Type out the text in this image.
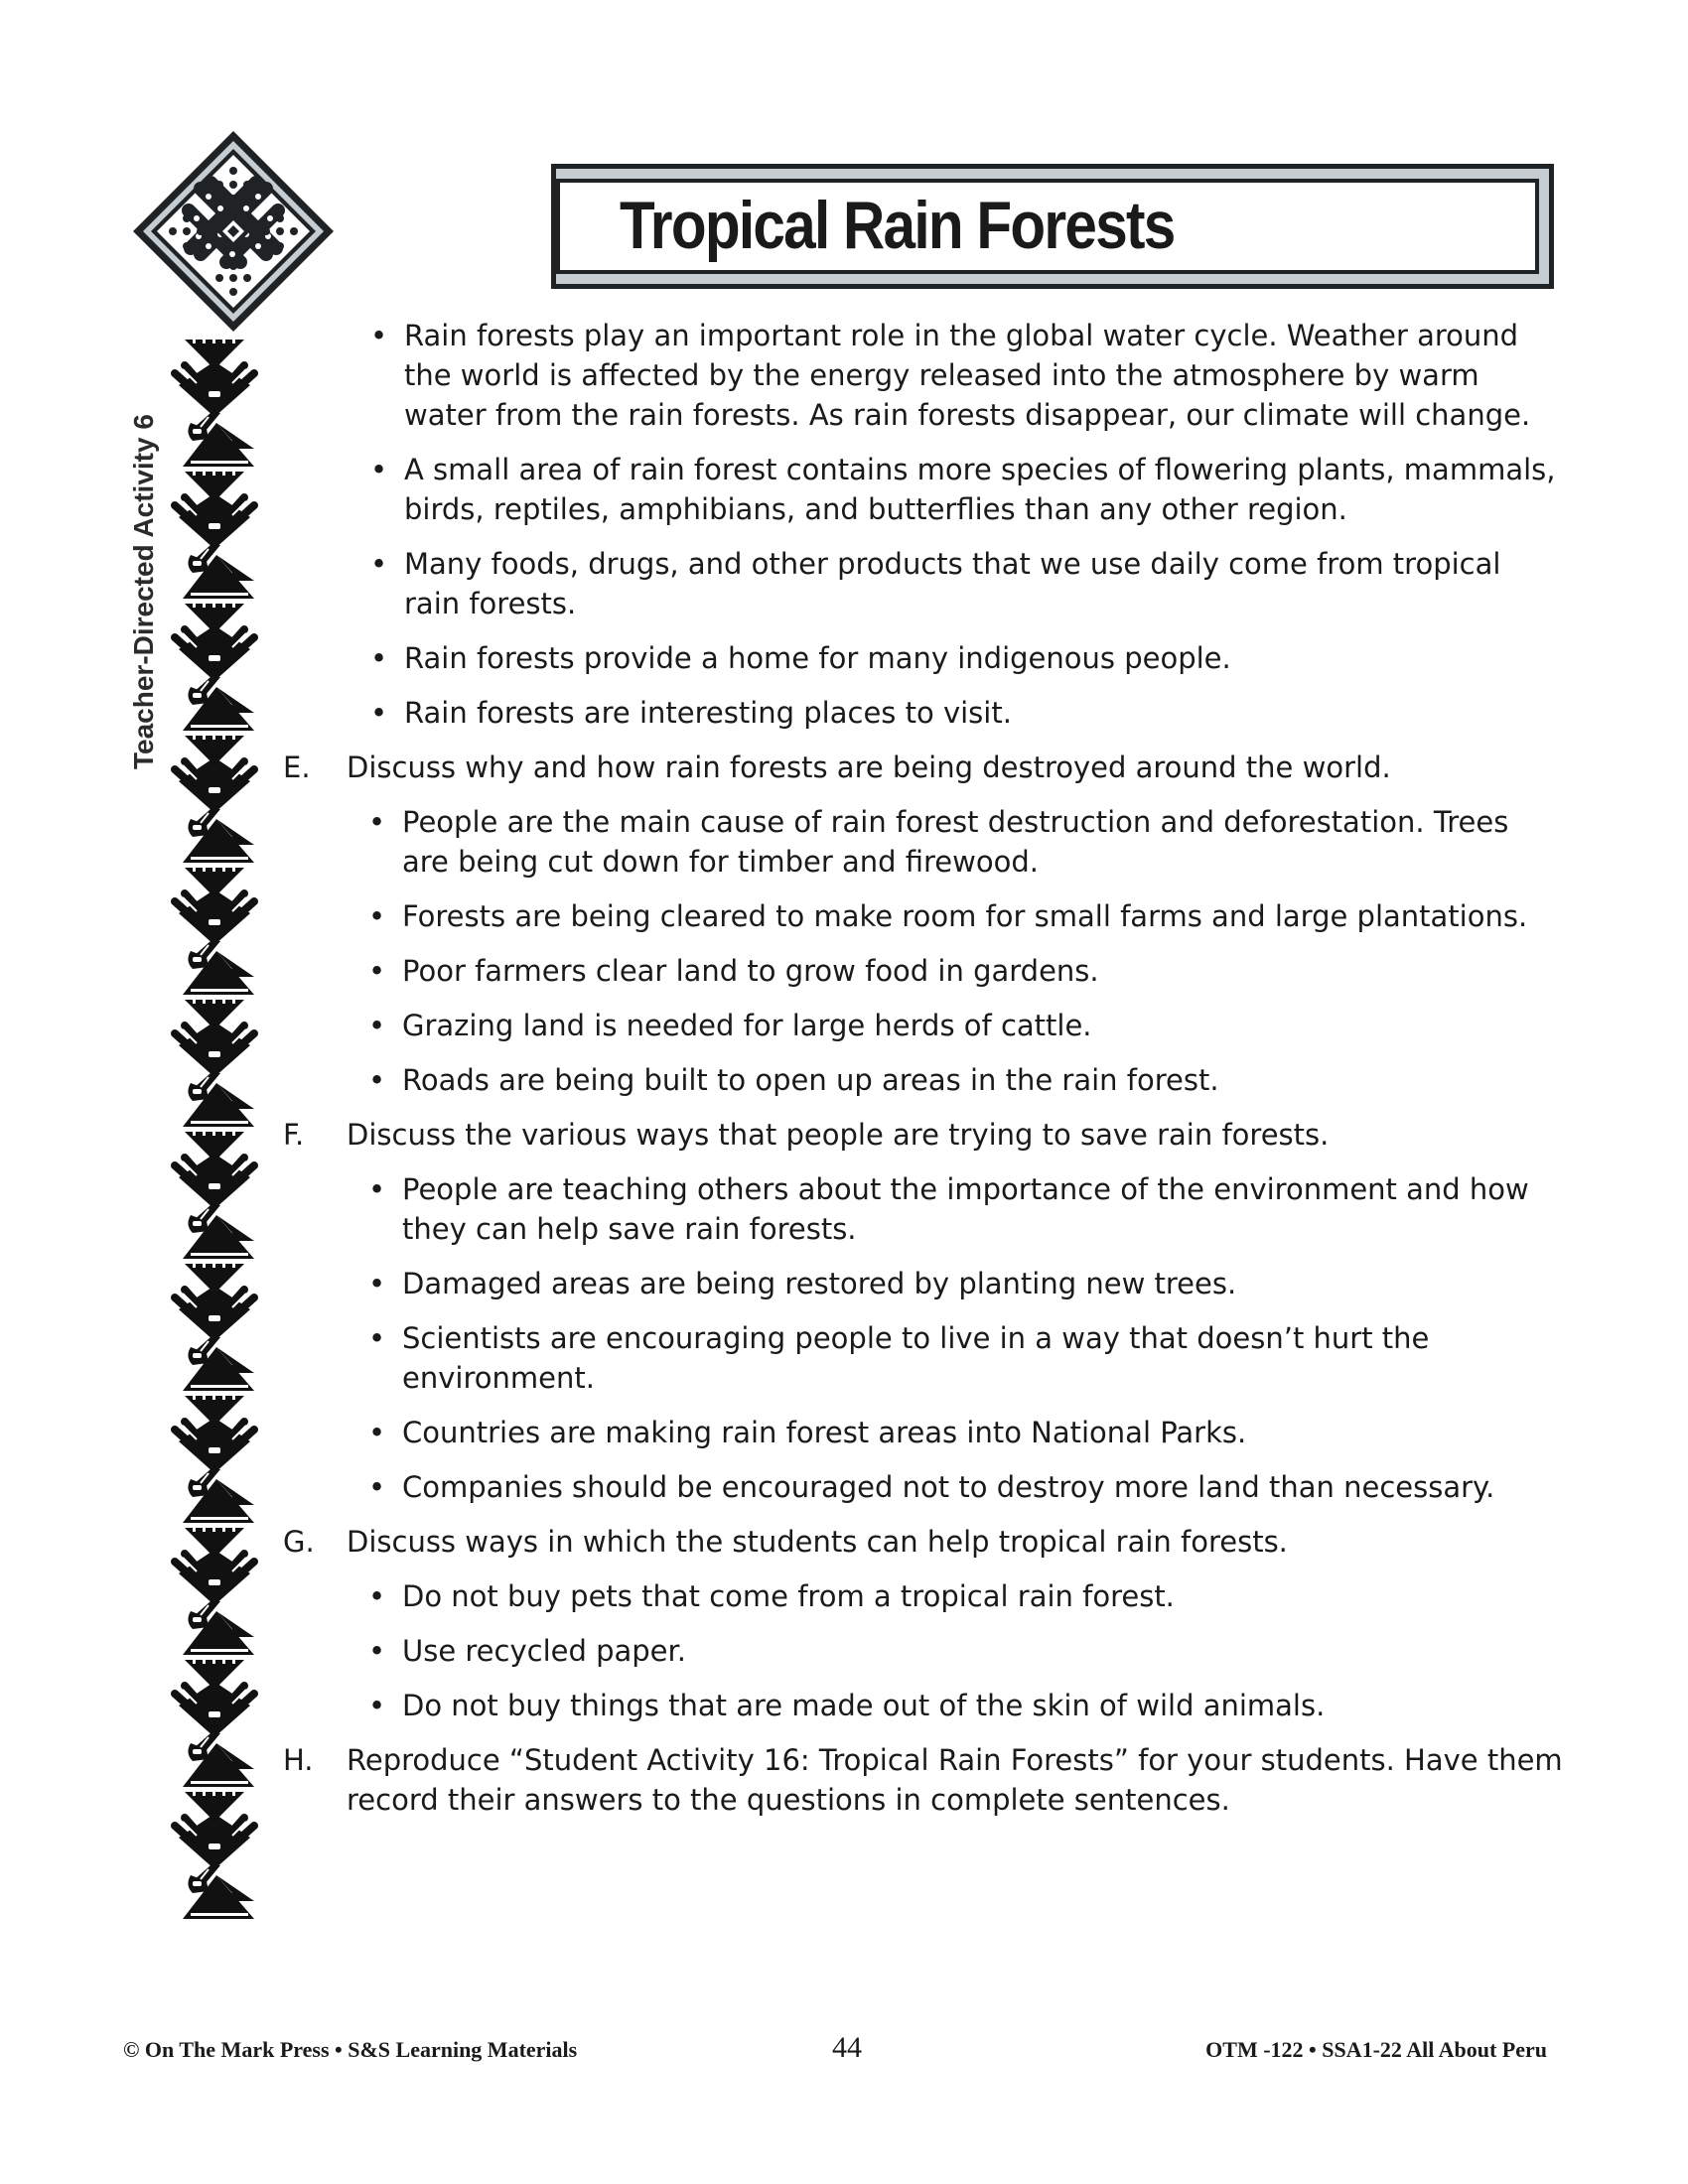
Tropical Rain Forests
Teacher-Directed Activity 6
• Rain forests play an important role in the global water cycle. Weather around the world is affected by the energy released into the atmosphere by warm water from the rain forests. As rain forests disappear, our climate will change.
• A small area of rain forest contains more species of flowering plants, mammals, birds, reptiles, amphibians, and butterflies than any other region.
• Many foods, drugs, and other products that we use daily come from tropical rain forests.
• Rain forests provide a home for many indigenous people.
• Rain forests are interesting places to visit.
E. Discuss why and how rain forests are being destroyed around the world.
• People are the main cause of rain forest destruction and deforestation. Trees are being cut down for timber and firewood.
• Forests are being cleared to make room for small farms and large plantations.
• Poor farmers clear land to grow food in gardens.
• Grazing land is needed for large herds of cattle.
• Roads are being built to open up areas in the rain forest.
F. Discuss the various ways that people are trying to save rain forests.
• People are teaching others about the importance of the environment and how they can help save rain forests.
• Damaged areas are being restored by planting new trees.
• Scientists are encouraging people to live in a way that doesn’t hurt the environment.
• Countries are making rain forest areas into National Parks.
• Companies should be encouraged not to destroy more land than necessary.
G. Discuss ways in which the students can help tropical rain forests.
• Do not buy pets that come from a tropical rain forest.
• Use recycled paper.
• Do not buy things that are made out of the skin of wild animals.
H. Reproduce “Student Activity 16: Tropical Rain Forests” for your students. Have them record their answers to the questions in complete sentences.
© On The Mark Press • S&S Learning Materials	44	OTM -122 • SSA1-22 All About Peru
